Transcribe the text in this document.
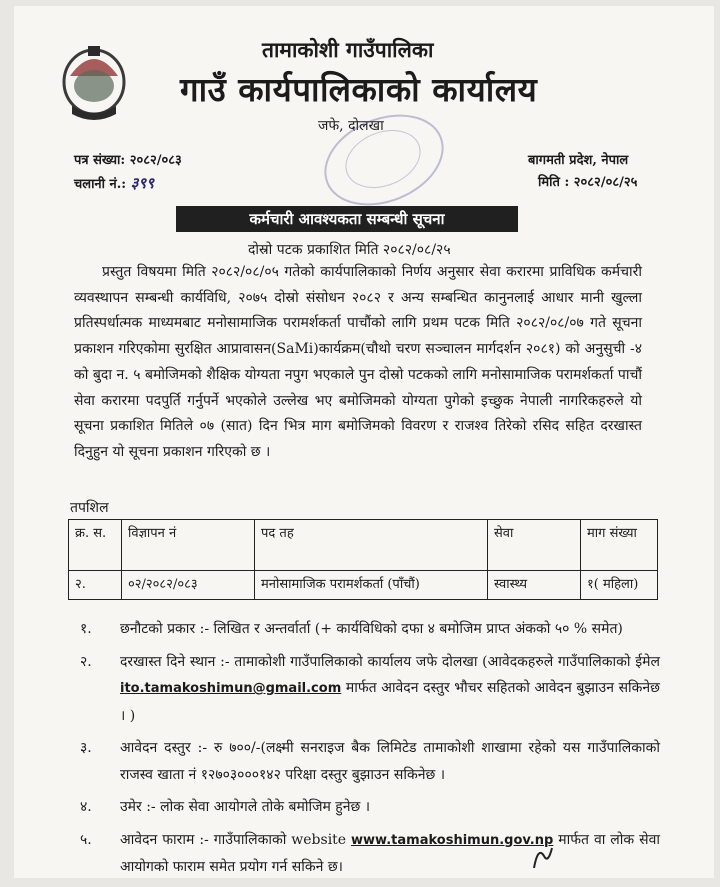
तामाकोशी गाउँपालिका
गाउँ कार्यपालिकाको कार्यालय
जफे, दोलखा
पत्र संख्या: २०८२/०८३
चलानी नं.: ३९९
बागमती प्रदेश, नेपाल
मिति : २०८२/०८/२५
कर्मचारी आवश्यकता सम्बन्धी सूचना
दोस्रो पटक प्रकाशित मिति २०८२/०८/२५
प्रस्तुत विषयमा मिति २०८२/०८/०५ गतेको कार्यपालिकाको निर्णय अनुसार सेवा करारमा प्राविधिक कर्मचारी व्यवस्थापन सम्बन्धी कार्यविधि, २०७५ दोस्रो संसोधन २०८२ र अन्य सम्बन्धित कानुनलाई आधार मानी खुल्ला प्रतिस्पर्धात्मक माध्यमबाट मनोसामाजिक परामर्शकर्ता पाचौंको लागि प्रथम पटक मिति २०८२/०८/०७ गते सूचना प्रकाशन गरिएकोमा सुरक्षित आप्रावासन(SaMi)कार्यक्रम(चौथो चरण सञ्चालन मार्गदर्शन २०८१) को अनुसुची -४ को बुदा न. ५ बमोजिमको शैक्षिक योग्यता नपुग भएकाले पुन दोस्रो पटकको लागि मनोसामाजिक परामर्शकर्ता पाचौं सेवा करारमा पदपुर्ति गर्नुपर्ने भएकोले उल्लेख भए बमोजिमको योग्यता पुगेको इच्छुक नेपाली नागरिकहरुले यो सूचना प्रकाशित मितिले ०७ (सात) दिन भित्र माग बमोजिमको विवरण र राजश्व तिरेको रसिद सहित दरखास्त दिनुहुन यो सूचना प्रकाशन गरिएको छ ।
तपशिल
क्र. स.	विज्ञापन नं	पद तह	सेवा	माग संख्या
२.	०२/२०८२/०८३	मनोसामाजिक परामर्शकर्ता (पाँचौं)	स्वास्थ्य	१( महिला)
१.	छनौटको प्रकार :- लिखित र अन्तर्वार्ता (+ कार्यविधिको दफा ४ बमोजिम प्राप्त अंकको ५० % समेत)
२.	दरखास्त दिने स्थान :- तामाकोशी गाउँपालिकाको कार्यालय जफे दोलखा (आवेदकहरुले गाउँपालिकाको ईमेल ito.tamakoshimun@gmail.com मार्फत आवेदन दस्तुर भौचर सहितको आवेदन बुझाउन सकिनेछ । )
३.	आवेदन दस्तुर :- रु ७००/-(लक्ष्मी सनराइज बैक लिमिटेड तामाकोशी शाखामा रहेको यस गाउँपालिकाको राजस्व खाता नं १२७०३०००१४२ परिक्षा दस्तुर बुझाउन सकिनेछ ।
४.	उमेर :- लोक सेवा आयोगले तोके बमोजिम हुनेछ ।
५.	आवेदन फाराम :- गाउँपालिकाको website www.tamakoshimun.gov.np मार्फत वा लोक सेवा आयोगको फाराम समेत प्रयोग गर्न सकिने छ।
